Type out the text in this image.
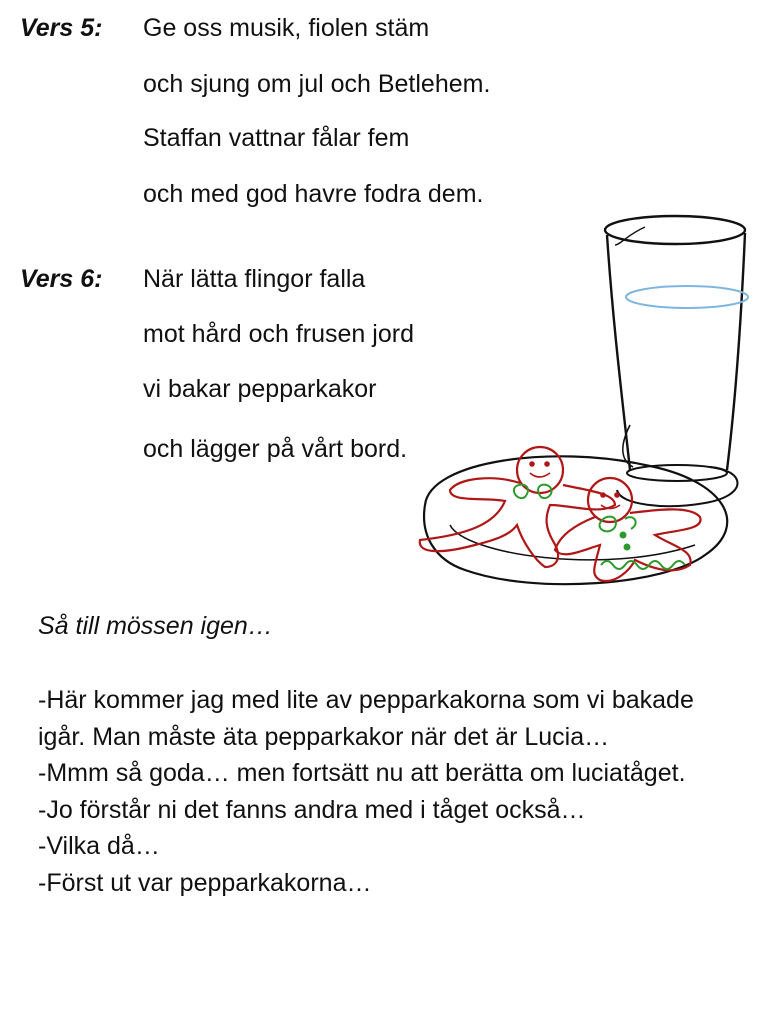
Vers 5: Ge oss musik, fiolen stäm
och sjung om jul och Betlehem.
Staffan vattnar fålar fem
och med god havre fodra dem.
Vers 6: När lätta flingor falla
mot hård och frusen jord
vi bakar pepparkakor
och lägger på vårt bord.
Så till mössen igen…
-Här kommer jag med lite av pepparkakorna som vi bakade igår. Man måste äta pepparkakor när det är Lucia…
-Mmm så goda… men fortsätt nu att berätta om luciatåget.
-Jo förstår ni det fanns andra med i tåget också…
-Vilka då…
-Först ut var pepparkakorna…
